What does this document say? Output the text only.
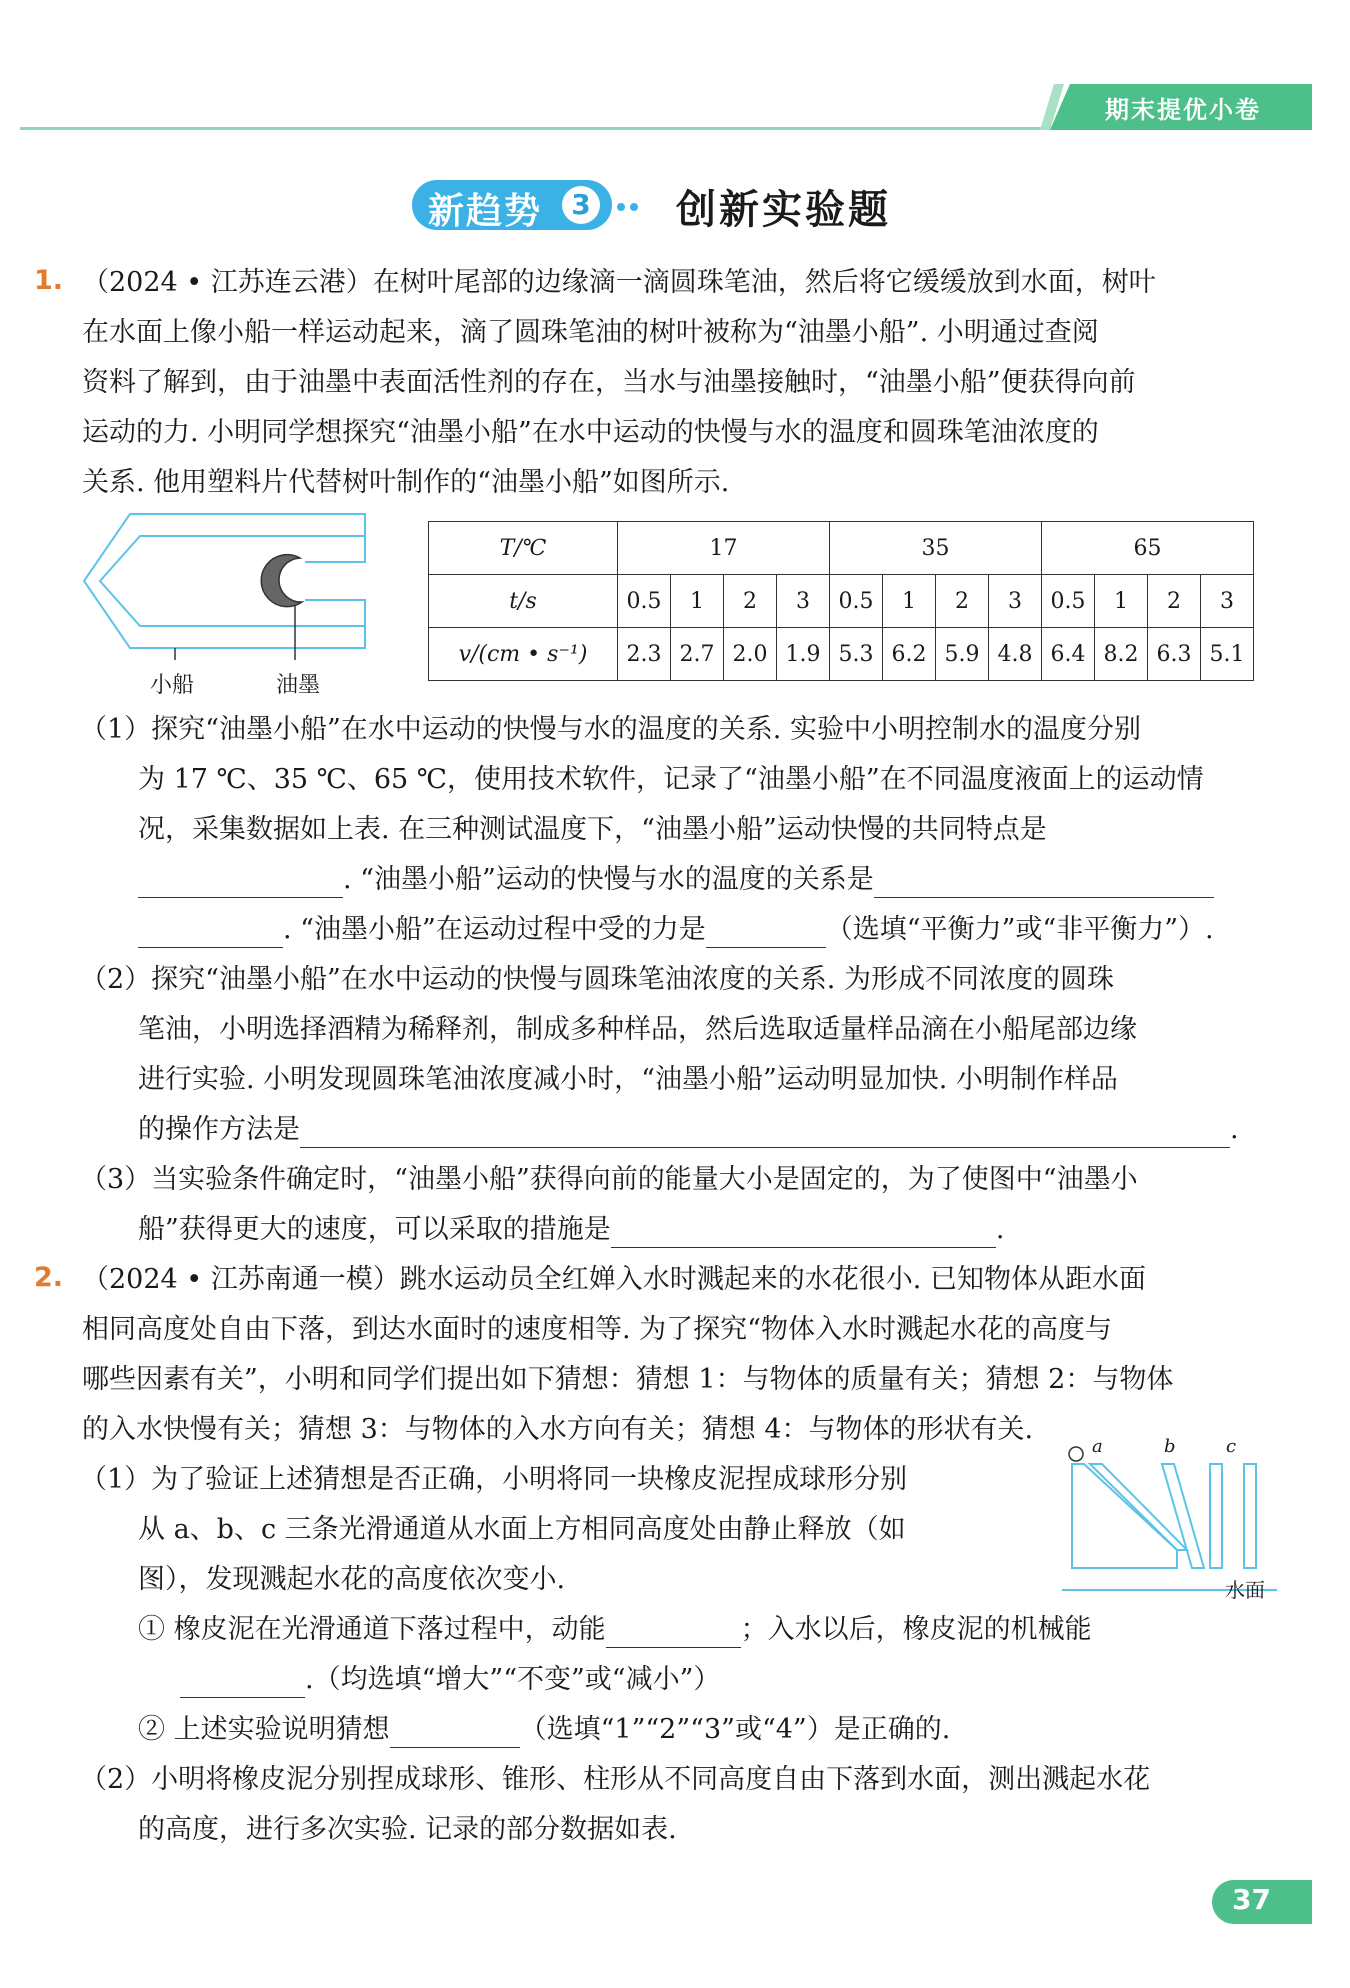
期末提优小卷
新趋势	3 创新实验题
1. （2024 • 江苏连云港）在树叶尾部的边缘滴一滴圆珠笔油，然后将它缓缓放到水面，树叶
在水面上像小船一样运动起来，滴了圆珠笔油的树叶被称为“油墨小船”. 小明通过查阅
资料了解到，由于油墨中表面活性剂的存在，当水与油墨接触时，“油墨小船”便获得向前
运动的力. 小明同学想探究“油墨小船”在水中运动的快慢与水的温度和圆珠笔油浓度的
关系. 他用塑料片代替树叶制作的“油墨小船”如图所示.
小船	油墨
T/℃	17				35				65			
t/s	0.5	1	2	3	0.5	1	2	3	0.5	1	2	3
v/(cm • s⁻¹)	2.3	2.7	2.0	1.9	5.3	6.2	5.9	4.8	6.4	8.2	6.3	5.1
（1）探究“油墨小船”在水中运动的快慢与水的温度的关系. 实验中小明控制水的温度分别
为 17 ℃、35 ℃、65 ℃，使用技术软件，记录了“油墨小船”在不同温度液面上的运动情
况，采集数据如上表. 在三种测试温度下，“油墨小船”运动快慢的共同特点是
. “油墨小船”运动的快慢与水的温度的关系是
. “油墨小船”在运动过程中受的力是	（选填“平衡力”或“非平衡力”）.
（2）探究“油墨小船”在水中运动的快慢与圆珠笔油浓度的关系. 为形成不同浓度的圆珠
笔油，小明选择酒精为稀释剂，制成多种样品，然后选取适量样品滴在小船尾部边缘
进行实验. 小明发现圆珠笔油浓度减小时，“油墨小船”运动明显加快. 小明制作样品
的操作方法是	.
（3）当实验条件确定时，“油墨小船”获得向前的能量大小是固定的，为了使图中“油墨小
船”获得更大的速度，可以采取的措施是	.
2. （2024 • 江苏南通一模）跳水运动员全红婵入水时溅起来的水花很小. 已知物体从距水面
相同高度处自由下落，到达水面时的速度相等. 为了探究“物体入水时溅起水花的高度与
哪些因素有关”，小明和同学们提出如下猜想：猜想 1：与物体的质量有关；猜想 2：与物体
的入水快慢有关；猜想 3：与物体的入水方向有关；猜想 4：与物体的形状有关.
（1）为了验证上述猜想是否正确，小明将同一块橡皮泥捏成球形分别
从 a、b、c 三条光滑通道从水面上方相同高度处由静止释放（如
图），发现溅起水花的高度依次变小.
a	b	c
水面
① 橡皮泥在光滑通道下落过程中，动能	；入水以后，橡皮泥的机械能
.（均选填“增大”“不变”或“减小”）
② 上述实验说明猜想	（选填“1”“2”“3”或“4”）是正确的.
（2）小明将橡皮泥分别捏成球形、锥形、柱形从不同高度自由下落到水面，测出溅起水花
的高度，进行多次实验. 记录的部分数据如表.
37
